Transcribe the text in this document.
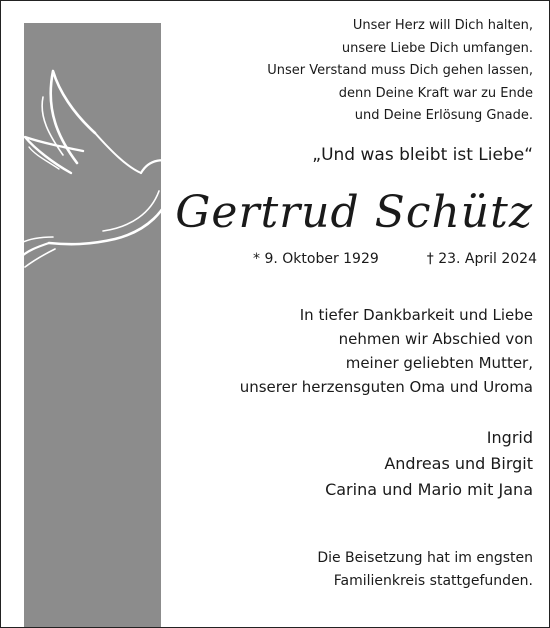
Unser Herz will Dich halten,
unsere Liebe Dich umfangen.
Unser Verstand muss Dich gehen lassen,
denn Deine Kraft war zu Ende
und Deine Erlösung Gnade.
„Und was bleibt ist Liebe“
Gertrud Schütz
* 9. Oktober 1929	† 23. April 2024
In tiefer Dankbarkeit und Liebe
nehmen wir Abschied von
meiner geliebten Mutter,
unserer herzensguten Oma und Uroma
Ingrid
Andreas und Birgit
Carina und Mario mit Jana
Die Beisetzung hat im engsten
Familienkreis stattgefunden.
